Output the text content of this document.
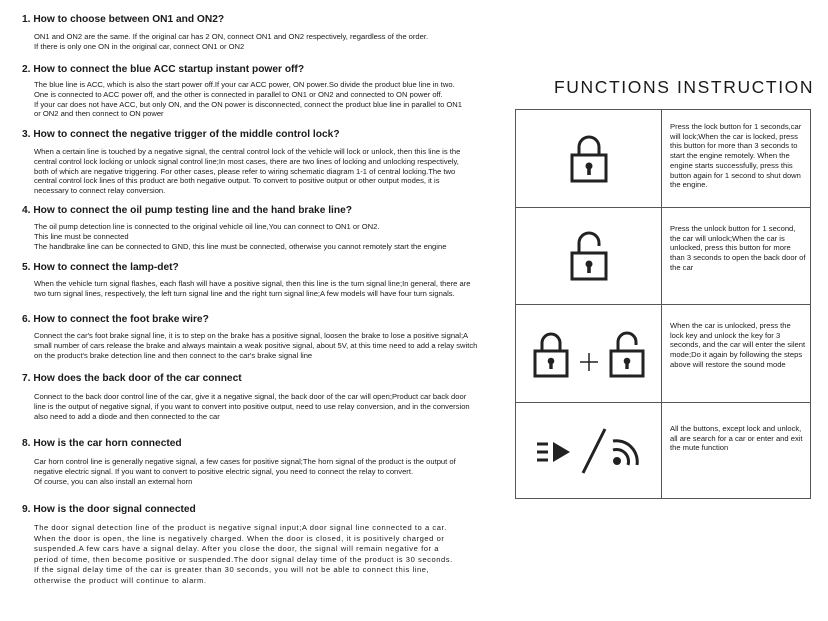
1. How to choose between ON1 and ON2?
ON1 and ON2 are the same. If the original car has 2 ON, connect ON1 and ON2 respectively, regardless of the order.
If there is only one ON in the original car, connect ON1 or ON2
2. How to connect the blue ACC startup instant power off?
The blue line is ACC, which is also the start power off.If your car ACC power, ON power.So divide the product blue line in two.
One is connected to ACC power off, and the other is connected in parallel to ON1 or ON2 and connected to ON power off.
If your car does not have ACC, but only ON, and the ON power is disconnected, connect the product blue line in parallel to ON1
or ON2 and then connect to ON power
3. How to connect the negative trigger of the middle control lock?
When a certain line is touched by a negative signal, the central control lock of the vehicle will lock or unlock, then this line is the
central control lock locking or unlock signal control line;In most cases, there are two lines of locking and unlocking respectively,
both of which are negative triggering. For other cases, please refer to wiring schematic diagram 1-1 of central locking.The two
central control lock lines of this product are both negative output. To convert to positive output or other output modes, it is
necessary to connect relay conversion.
4. How to connect the oil pump testing line and the hand brake line?
The oil pump detection line is connected to the original vehicle oil line,You can connect to ON1 or ON2.
This line must be connected
The handbrake line can be connected to GND, this line must be connected, otherwise you cannot remotely start the engine
5. How to connect the lamp-det?
When the vehicle turn signal flashes, each flash will have a positive signal, then this line is the turn signal line;In general, there are
two turn signal lines, respectively, the left turn signal line and the right turn signal line;A few models will have four turn signals.
6. How to connect the foot brake wire?
Connect the car's foot brake signal line, it is to step on the brake has a positive signal, loosen the brake to lose a positive signal;A
small number of cars release the brake and always maintain a weak positive signal, about 5V, at this time need to add a relay switch
on the product's brake detection line and then connect to the car's brake signal line
7. How does the back door of the car connect
Connect to the back door control line of the car, give it a negative signal, the back door of the car will open;Product car back door
line is the output of negative signal, if you want to convert into positive output, need to use relay conversion, and in the conversion
also need to add a diode and then connected to the car
8. How is the car horn connected
Car horn control line is generally negative signal, a few cases for positive signal;The horn signal of the product is the output of
negative electric signal. If you want to convert to positive electric signal, you need to connect the relay to convert.
Of course, you can also install an external horn
9. How is the door signal connected
The door signal detection line of the product is negative signal input;A door signal line connected to a car.
When the door is open, the line is negatively charged. When the door is closed, it is positively charged or
suspended.A few cars have a signal delay. After you close the door, the signal will remain negative for a
period of time, then become positive or suspended.The door signal delay time of the product is 30 seconds.
If the signal delay time of the car is greater than 30 seconds, you will not be able to connect this line,
otherwise the product will continue to alarm.
FUNCTIONS INSTRUCTION
Press the lock button for 1 seconds,car will lock;When the car is locked, press this button for more than 3 seconds to start the engine remotely. When the engine starts successfully, press this button again for 1 second to shut down the engine.
Press the unlock button for 1 second, the car will unlock;When the car is unlocked, press this button for more than 3 seconds to open the back door of the car
When the car is unlocked, press the lock key and unlock the key for 3 seconds, and the car will enter the silent mode;Do it again by following the steps above will restore the sound mode
All the buttons, except lock and unlock, all are search for a car or enter and exit the mute function
